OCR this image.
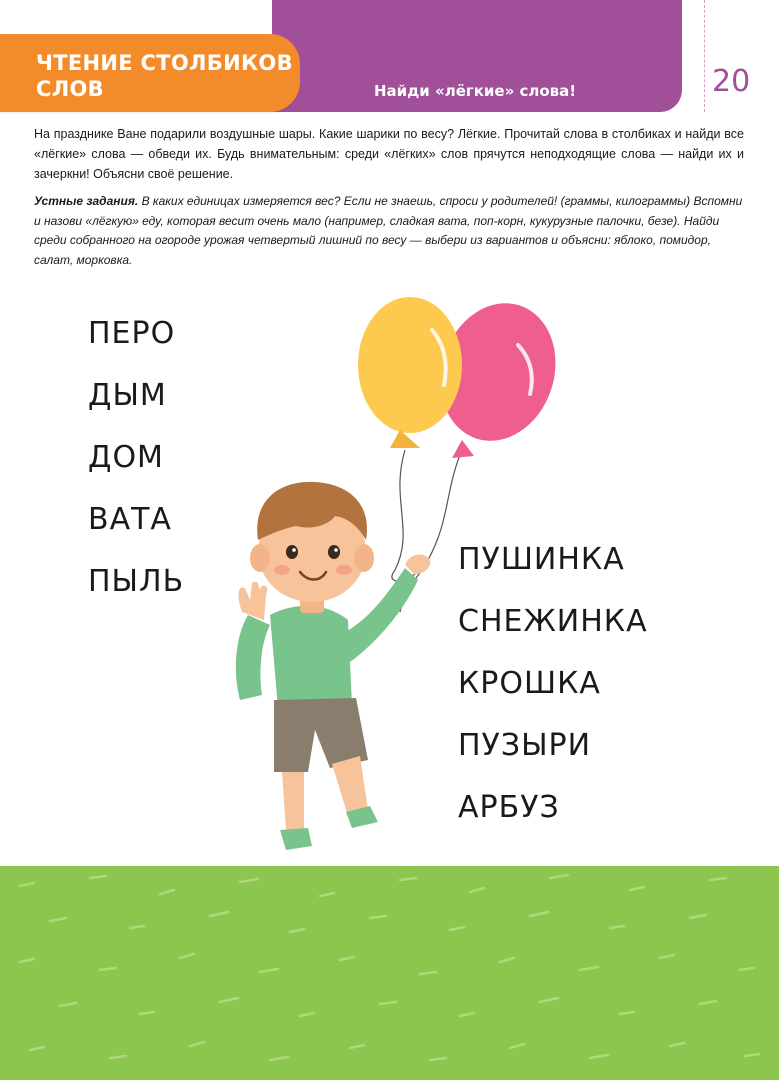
ЧТЕНИЕ СТОЛБИКОВ СЛОВ	Найди «лёгкие» слова!	20

На празднике Ване подарили воздушные шары. Какие шарики по весу? Лёгкие. Прочитай слова в столбиках и найди все «лёгкие» слова — обведи их. Будь внимательным: среди «лёгких» слов прячутся неподходящие слова — найди их и зачеркни! Объясни своё решение.

Устные задания. В каких единицах измеряется вес? Если не знаешь, спроси у родителей! (граммы, килограммы) Вспомни и назови «лёгкую» еду, которая весит очень мало (например, сладкая вата, поп-корн, кукурузные палочки, безе). Найди среди собранного на огороде урожая четвертый лишний по весу — выбери из вариантов и объясни: яблоко, помидор, салат, морковка.

ПЕРО
ДЫМ
ДОМ
ВАТА
ПЫЛЬ
ПУШИНКА
СНЕЖИНКА
КРОШКА
ПУЗЫРИ
АРБУЗ
